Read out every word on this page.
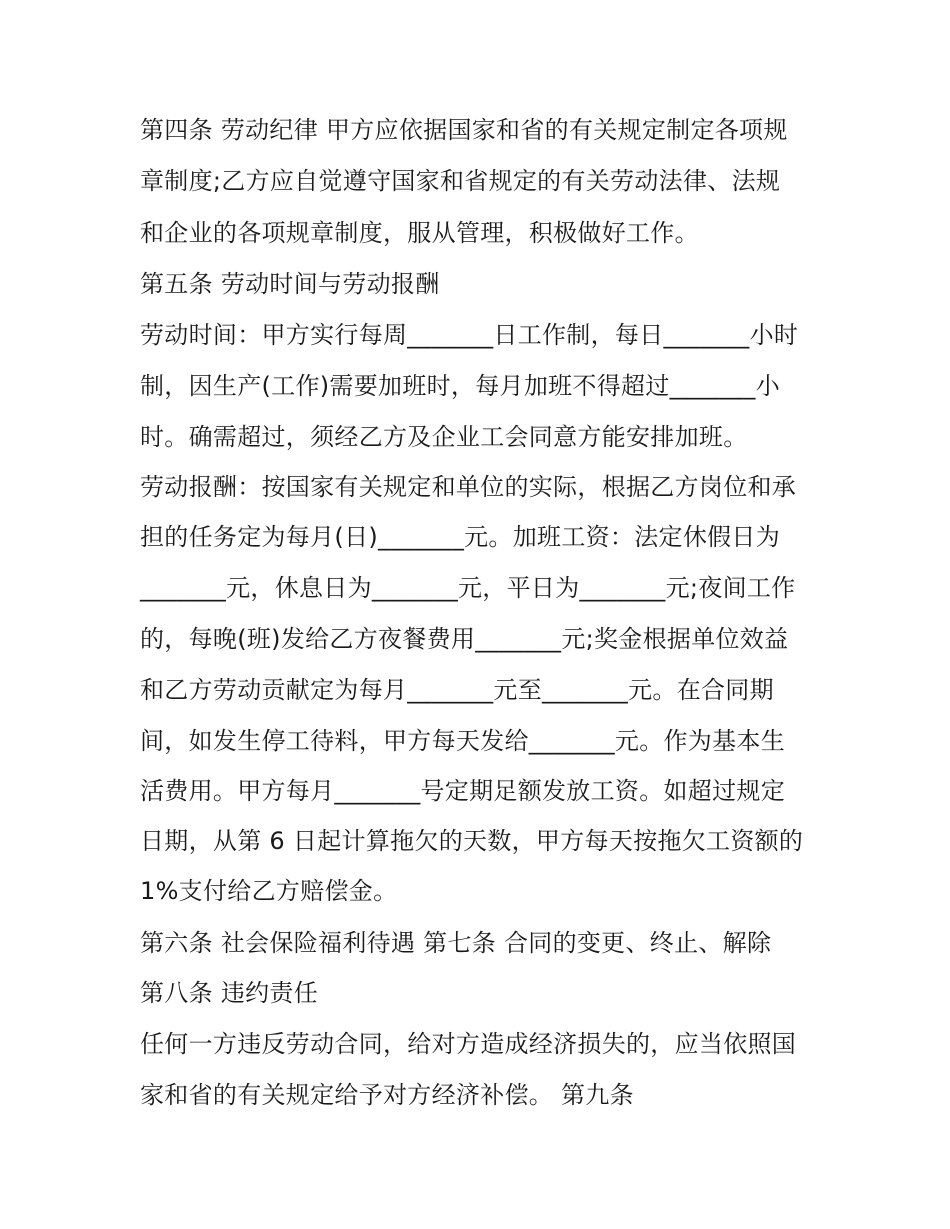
第四条 劳动纪律 甲方应依据国家和省的有关规定制定各项规
章制度;乙方应自觉遵守国家和省规定的有关劳动法律、法规
和企业的各项规章制度，服从管理，积极做好工作。
第五条 劳动时间与劳动报酬
劳动时间：甲方实行每周_______日工作制，每日_______小时
制，因生产(工作)需要加班时，每月加班不得超过_______小
时。确需超过，须经乙方及企业工会同意方能安排加班。
劳动报酬：按国家有关规定和单位的实际，根据乙方岗位和承
担的任务定为每月(日)_______元。加班工资：法定休假日为
_______元，休息日为_______元，平日为_______元;夜间工作
的，每晚(班)发给乙方夜餐费用_______元;奖金根据单位效益
和乙方劳动贡献定为每月_______元至_______元。在合同期
间，如发生停工待料，甲方每天发给_______元。作为基本生
活费用。甲方每月_______号定期足额发放工资。如超过规定
日期，从第 6 日起计算拖欠的天数，甲方每天按拖欠工资额的
1%支付给乙方赔偿金。
第六条 社会保险福利待遇 第七条 合同的变更、终止、解除
第八条 违约责任
任何一方违反劳动合同，给对方造成经济损失的，应当依照国
家和省的有关规定给予对方经济补偿。 第九条
